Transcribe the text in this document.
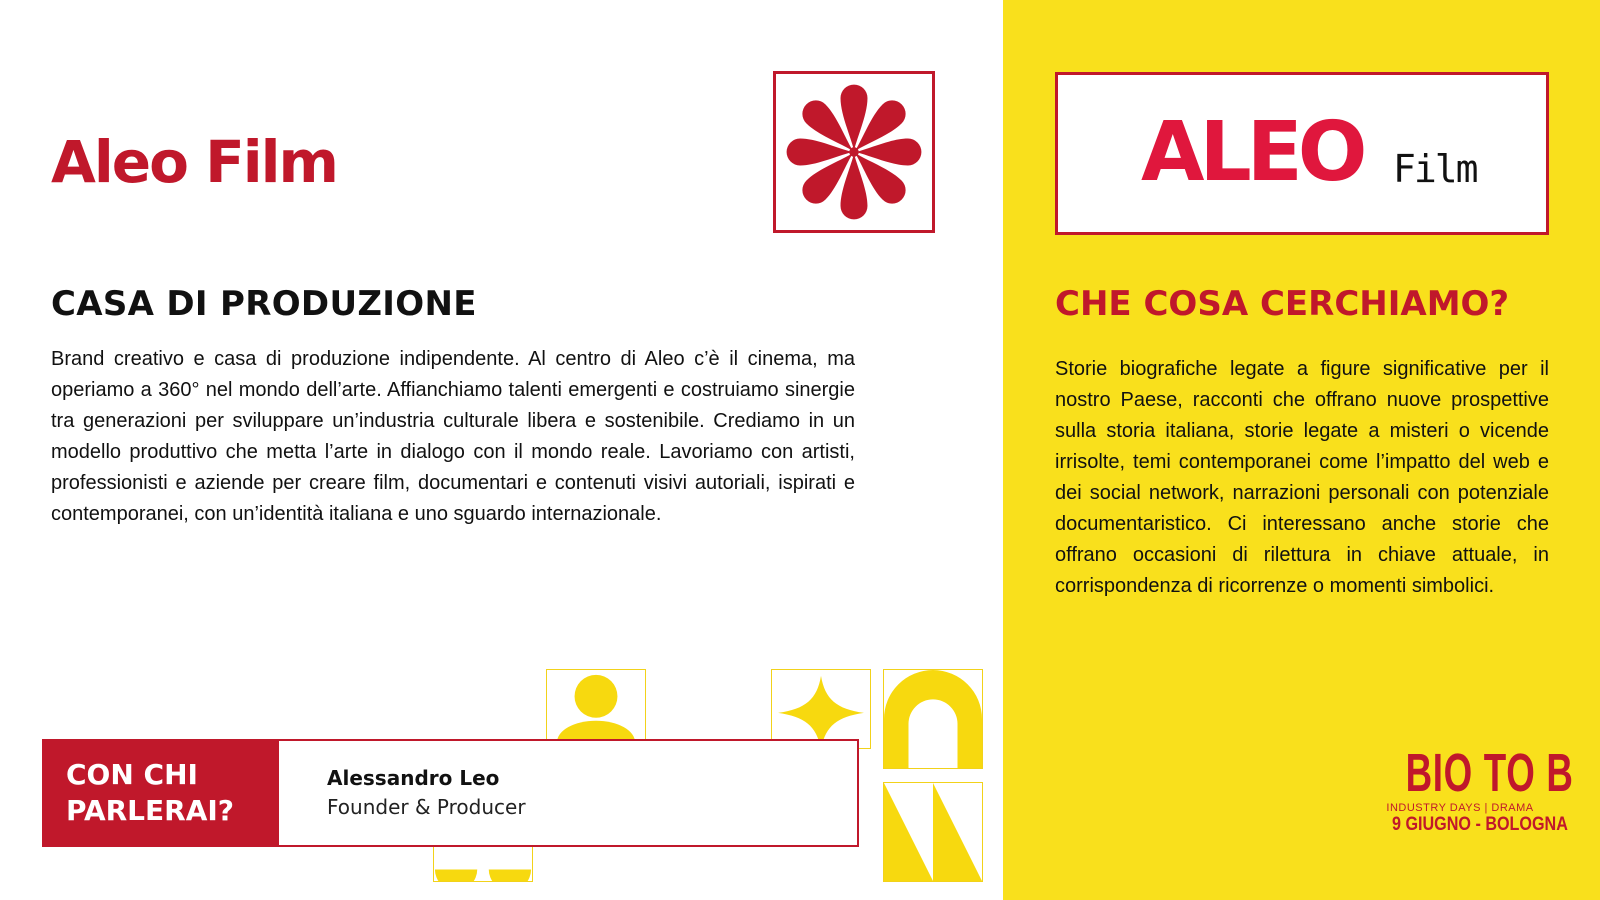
Aleo Film
CASA DI PRODUZIONE

Brand creativo e casa di produzione indipendente. Al centro di Aleo c’è il cinema, ma operiamo a 360° nel mondo dell’arte. Affianchiamo talenti emergenti e costruiamo sinergie tra generazioni per sviluppare un’industria culturale libera e sostenibile. Crediamo in un modello produttivo che metta l’arte in dialogo con il mondo reale. Lavoriamo con artisti, professionisti e aziende per creare film, documentari e contenuti visivi autoriali, ispirati e contemporanei, con un’identità italiana e uno sguardo internazionale.

ALEO Film
CHE COSA CERCHIAMO?

Storie biografiche legate a figure significative per il nostro Paese, racconti che offrano nuove prospettive sulla storia italiana, storie legate a misteri o vicende irrisolte, temi contemporanei come l’impatto del web e dei social network, narrazioni personali con potenziale documentaristico. Ci interessano anche storie che offrano occasioni di rilettura in chiave attuale, in corrispondenza di ricorrenze o momenti simbolici.

CON CHI PARLERAI?
Alessandro Leo
Founder & Producer
BIO TO B
INDUSTRY DAYS | DRAMA
9 GIUGNO - BOLOGNA
